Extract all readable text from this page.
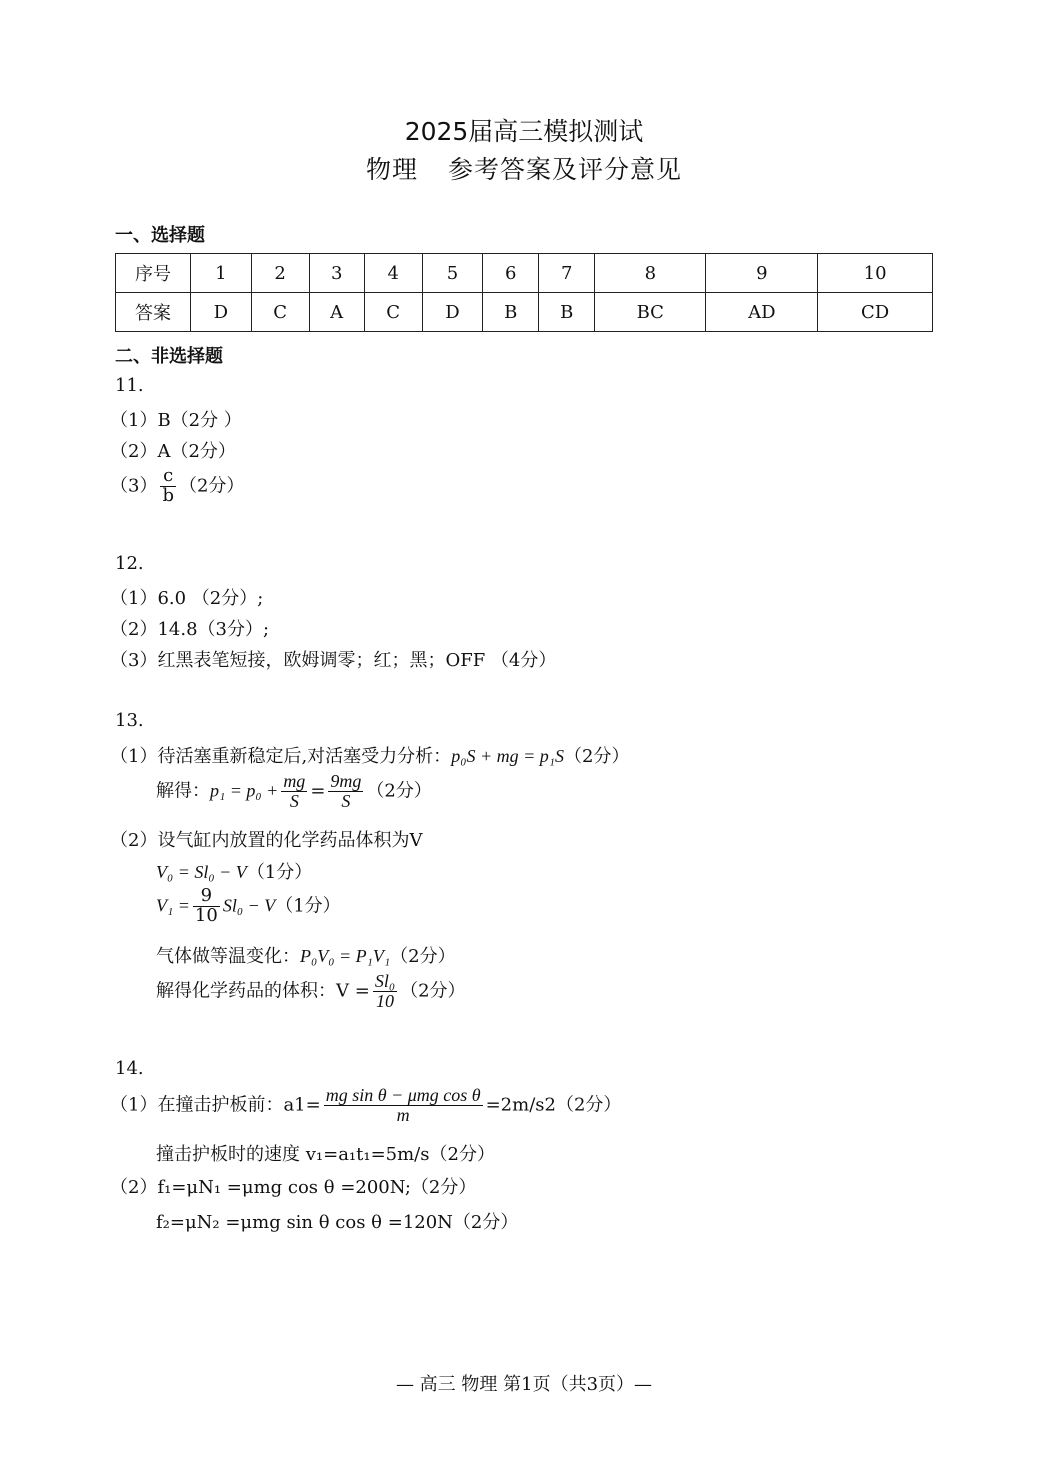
2025届高三模拟测试
物理 参考答案及评分意见
一、选择题
序号	1	2	3	4	5	6	7	8	9	10
答案	D	C	A	C	D	B	B	BC	AD	CD
二、非选择题
11.
（1）B（2分 ）
（2）A（2分）
$(3) \frac{c}{b} (2$分）
12.
（1）6.0 （2分）;
（2）14.8（3分）;
（3）红黑表笔短接，欧姆调零；红；黑；OFF （4分）
13.
（1）待活塞重新稳定后,对活塞受力分析：p₀S + mg = p₁S（2分）
解得：$p_1 = p_0 + \frac{mg}{S} = \frac{9mg}{S} (2$分）
（2）设气缸内放置的化学药品体积为V
V₀ = Sl₀ − V（1分）
$V_1 = \frac{9}{10} Sl_0 - V(1$分）
气体做等温变化：P₀V₀ = P₁V₁（2分）
解得化学药品的体积：$V = \frac{\text{Sl₀}}{10} (2$分）
14.
（1）在撞击护板前：$a1= \frac{\text{mg sin θ − μmg cos θ}}{m} =2m/s2(2$分）
撞击护板时的速度 v₁=a₁t₁=5m/s（2分）
（2）f₁=μN₁ =μmg cos θ =200N;（2分）
f₂=μN₂ =μmg sin θ cos θ =120N（2分）
— 高三 物理 第1页（共3页）—
